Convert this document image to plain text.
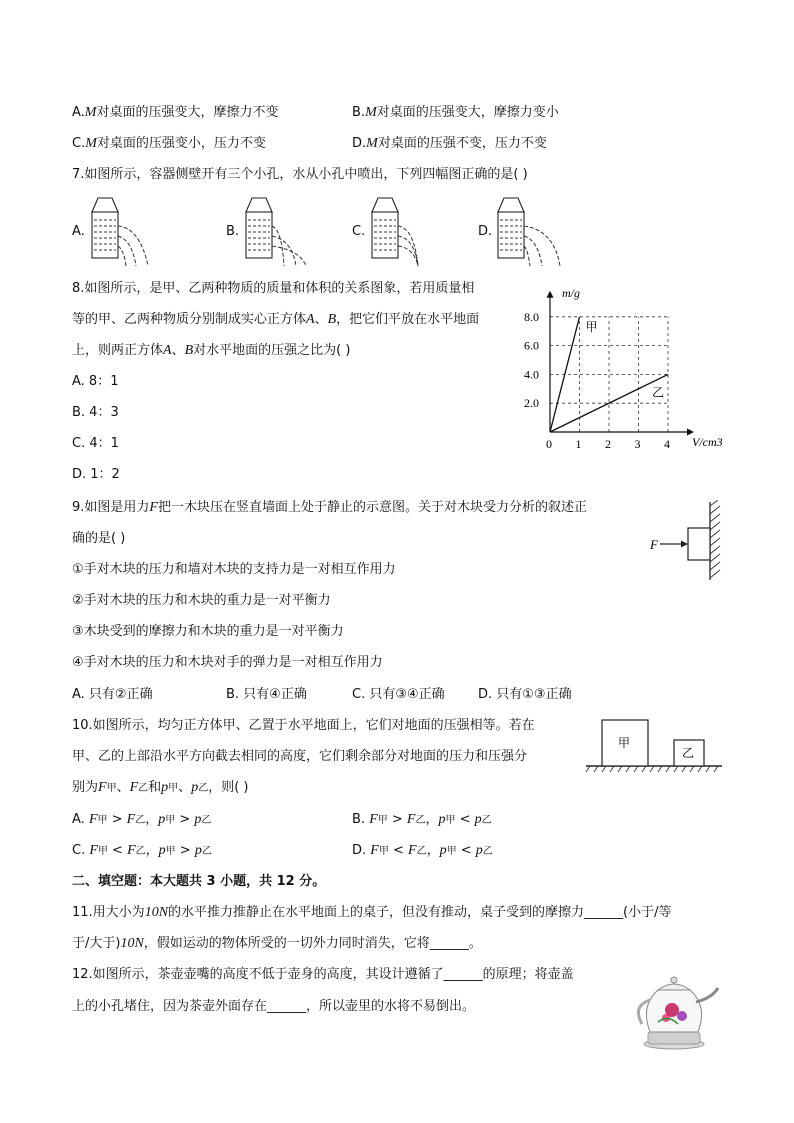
A.M对桌面的压强变大，摩擦力不变	B.M对桌面的压强变大，摩擦力变小
C.M对桌面的压强变小，压力不变	D.M对桌面的压强不变，压力不变
7.如图所示，容器侧壁开有三个小孔，水从小孔中喷出，下列四幅图正确的是( )
A.	B.	C.	D.
8.如图所示，是甲、乙两种物质的质量和体积的关系图象，若用质量相
等的甲、乙两种物质分别制成实心正方体A、B，把它们平放在水平地面
上，则两正方体A、B对水平地面的压强之比为( )
A. 8：1
B. 4：3
C. 4：1
D. 1：2
0 1 2 3 4
2.0
4.0
6.0
8.0
m/g
V/cm3
甲
乙
9.如图是用力F把一木块压在竖直墙面上处于静止的示意图。关于对木块受力分析的叙述正
确的是( )
①手对木块的压力和墙对木块的支持力是一对相互作用力
②手对木块的压力和木块的重力是一对平衡力
③木块受到的摩擦力和木块的重力是一对平衡力
④手对木块的压力和木块对手的弹力是一对相互作用力
A. 只有②正确	B. 只有④正确	C. 只有③④正确	D. 只有①③正确
F
10.如图所示，均匀正方体甲、乙置于水平地面上，它们对地面的压强相等。若在
甲、乙的上部沿水平方向截去相同的高度，它们剩余部分对地面的压力和压强分
别为F甲、F乙和p甲、p乙，则( )
A. F甲 > F乙，p甲 > p乙	B. F甲 > F乙，p甲 < p乙
C. F甲 < F乙，p甲 > p乙	D. F甲 < F乙，p甲 < p乙
甲
乙
二、填空题：本大题共 3 小题，共 12 分。
11.用大小为10N的水平推力推静止在水平地面上的桌子，但没有推动，桌子受到的摩擦力______(小于/等
于/大于)10N，假如运动的物体所受的一切外力同时消失，它将______。
12.如图所示，茶壶壶嘴的高度不低于壶身的高度，其设计遵循了______的原理；将壶盖
上的小孔堵住，因为茶壶外面存在______，所以壶里的水将不易倒出。
